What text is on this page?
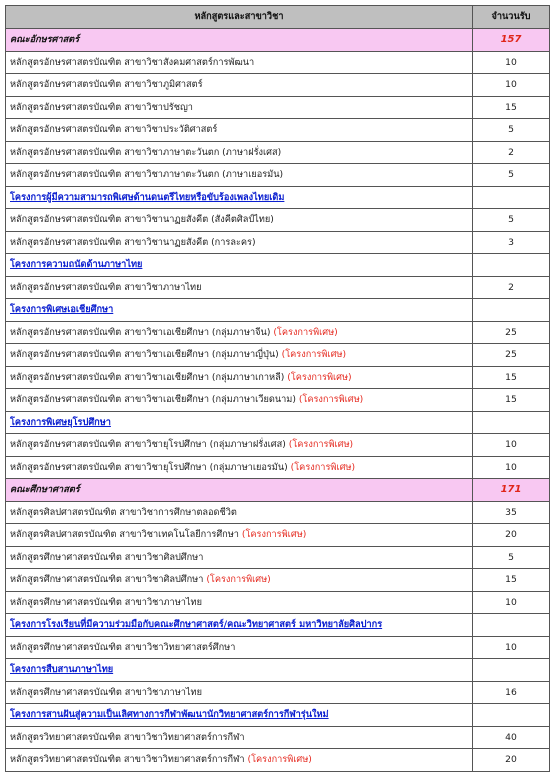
หลักสูตรและสาขาวิชา	จำนวนรับ
คณะอักษรศาสตร์	157
หลักสูตรอักษรศาสตรบัณฑิต สาขาวิชาสังคมศาสตร์การพัฒนา	10
หลักสูตรอักษรศาสตรบัณฑิต สาขาวิชาภูมิศาสตร์	10
หลักสูตรอักษรศาสตรบัณฑิต สาขาวิชาปรัชญา	15
หลักสูตรอักษรศาสตรบัณฑิต สาขาวิชาประวัติศาสตร์	5
หลักสูตรอักษรศาสตรบัณฑิต สาขาวิชาภาษาตะวันตก (ภาษาฝรั่งเศส)	2
หลักสูตรอักษรศาสตรบัณฑิต สาขาวิชาภาษาตะวันตก (ภาษาเยอรมัน)	5
โครงการผู้มีความสามารถพิเศษด้านดนตรีไทยหรือขับร้องเพลงไทยเดิม	
หลักสูตรอักษรศาสตรบัณฑิต สาขาวิชานาฏยสังคีต (สังคีตศิลป์ไทย)	5
หลักสูตรอักษรศาสตรบัณฑิต สาขาวิชานาฏยสังคีต (การละคร)	3
โครงการความถนัดด้านภาษาไทย	
หลักสูตรอักษรศาสตรบัณฑิต สาขาวิชาภาษาไทย	2
โครงการพิเศษเอเชียศึกษา	
หลักสูตรอักษรศาสตรบัณฑิต สาขาวิชาเอเชียศึกษา (กลุ่มภาษาจีน) (โครงการพิเศษ)	25
หลักสูตรอักษรศาสตรบัณฑิต สาขาวิชาเอเชียศึกษา (กลุ่มภาษาญี่ปุ่น) (โครงการพิเศษ)	25
หลักสูตรอักษรศาสตรบัณฑิต สาขาวิชาเอเชียศึกษา (กลุ่มภาษาเกาหลี) (โครงการพิเศษ)	15
หลักสูตรอักษรศาสตรบัณฑิต สาขาวิชาเอเชียศึกษา (กลุ่มภาษาเวียดนาม) (โครงการพิเศษ)	15
โครงการพิเศษยุโรปศึกษา	
หลักสูตรอักษรศาสตรบัณฑิต สาขาวิชายุโรปศึกษา (กลุ่มภาษาฝรั่งเศส) (โครงการพิเศษ)	10
หลักสูตรอักษรศาสตรบัณฑิต สาขาวิชายุโรปศึกษา (กลุ่มภาษาเยอรมัน) (โครงการพิเศษ)	10
คณะศึกษาศาสตร์	171
หลักสูตรศิลปศาสตรบัณฑิต สาขาวิชาการศึกษาตลอดชีวิต	35
หลักสูตรศิลปศาสตรบัณฑิต สาขาวิชาเทคโนโลยีการศึกษา (โครงการพิเศษ)	20
หลักสูตรศึกษาศาสตรบัณฑิต สาขาวิชาศิลปศึกษา	5
หลักสูตรศึกษาศาสตรบัณฑิต สาขาวิชาศิลปศึกษา (โครงการพิเศษ)	15
หลักสูตรศึกษาศาสตรบัณฑิต สาขาวิชาภาษาไทย	10
โครงการโรงเรียนที่มีความร่วมมือกับคณะศึกษาศาสตร์/คณะวิทยาศาสตร์ มหาวิทยาลัยศิลปากร	
หลักสูตรศึกษาศาสตรบัณฑิต สาขาวิชาวิทยาศาสตร์ศึกษา	10
โครงการสืบสานภาษาไทย	
หลักสูตรศึกษาศาสตรบัณฑิต สาขาวิชาภาษาไทย	16
โครงการสานฝันสู่ความเป็นเลิศทางการกีฬาพัฒนานักวิทยาศาสตร์การกีฬารุ่นใหม่	
หลักสูตรวิทยาศาสตรบัณฑิต สาขาวิชาวิทยาศาสตร์การกีฬา	40
หลักสูตรวิทยาศาสตรบัณฑิต สาขาวิชาวิทยาศาสตร์การกีฬา (โครงการพิเศษ)	20
